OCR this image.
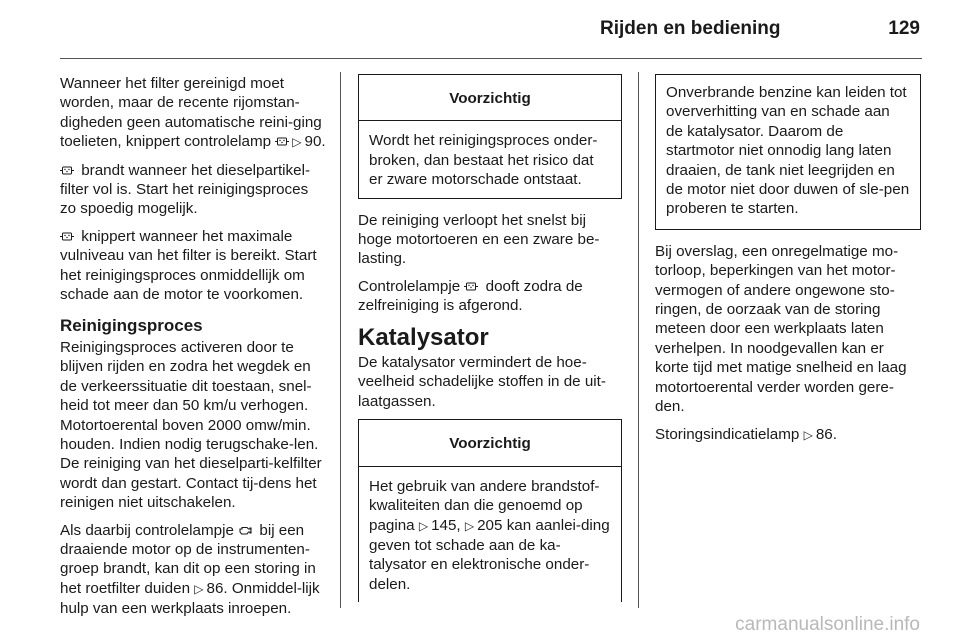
Rijden en bediening	129

Wanneer het filter gereinigd moet worden, maar de recente rijomstan-digheden geen automatische reini-ging toelieten, knippert controlelamp ▷ 90.

brandt wanneer het dieselpartikel-filter vol is. Start het reinigingsproces zo spoedig mogelijk.

knippert wanneer het maximale vulniveau van het filter is bereikt. Start het reinigingsproces onmiddellijk om schade aan de motor te voorkomen.

Reinigingsproces

Reinigingsproces activeren door te blijven rijden en zodra het wegdek en de verkeerssituatie dit toestaan, snel-heid tot meer dan 50 km/u verhogen. Motortoerental boven 2000 omw/min. houden. Indien nodig terugschake-len. De reiniging van het dieselparti-kelfilter wordt dan gestart. Contact tij-dens het reinigen niet uitschakelen.

Als daarbij controlelampje bij een draaiende motor op de instrumenten-groep brandt, kan dit op een storing in het roetfilter duiden ▷ 86. Onmiddel-lijk hulp van een werkplaats inroepen.

Voorzichtig
Wordt het reinigingsproces onder-broken, dan bestaat het risico dat er zware motorschade ontstaat.

De reiniging verloopt het snelst bij hoge motortoeren en een zware be-lasting.

Controlelampje dooft zodra de zelfreiniging is afgerond.

Katalysator

De katalysator vermindert de hoe-veelheid schadelijke stoffen in de uit-laatgassen.

Voorzichtig
Het gebruik van andere brandstof-kwaliteiten dan die genoemd op pagina ▷ 145, ▷ 205 kan aanlei-ding geven tot schade aan de ka-talysator en elektronische onder-delen.
Onverbrande benzine kan leiden tot oververhitting van en schade aan de katalysator. Daarom de startmotor niet onnodig lang laten draaien, de tank niet leegrijden en de motor niet door duwen of sle-pen proberen te starten.

Bij overslag, een onregelmatige mo-torloop, beperkingen van het motor-vermogen of andere ongewone sto-ringen, de oorzaak van de storing meteen door een werkplaats laten verhelpen. In noodgevallen kan er korte tijd met matige snelheid en laag motortoerental verder worden gere-den.

Storingsindicatielamp ▷ 86.

carmanualsonline.info
